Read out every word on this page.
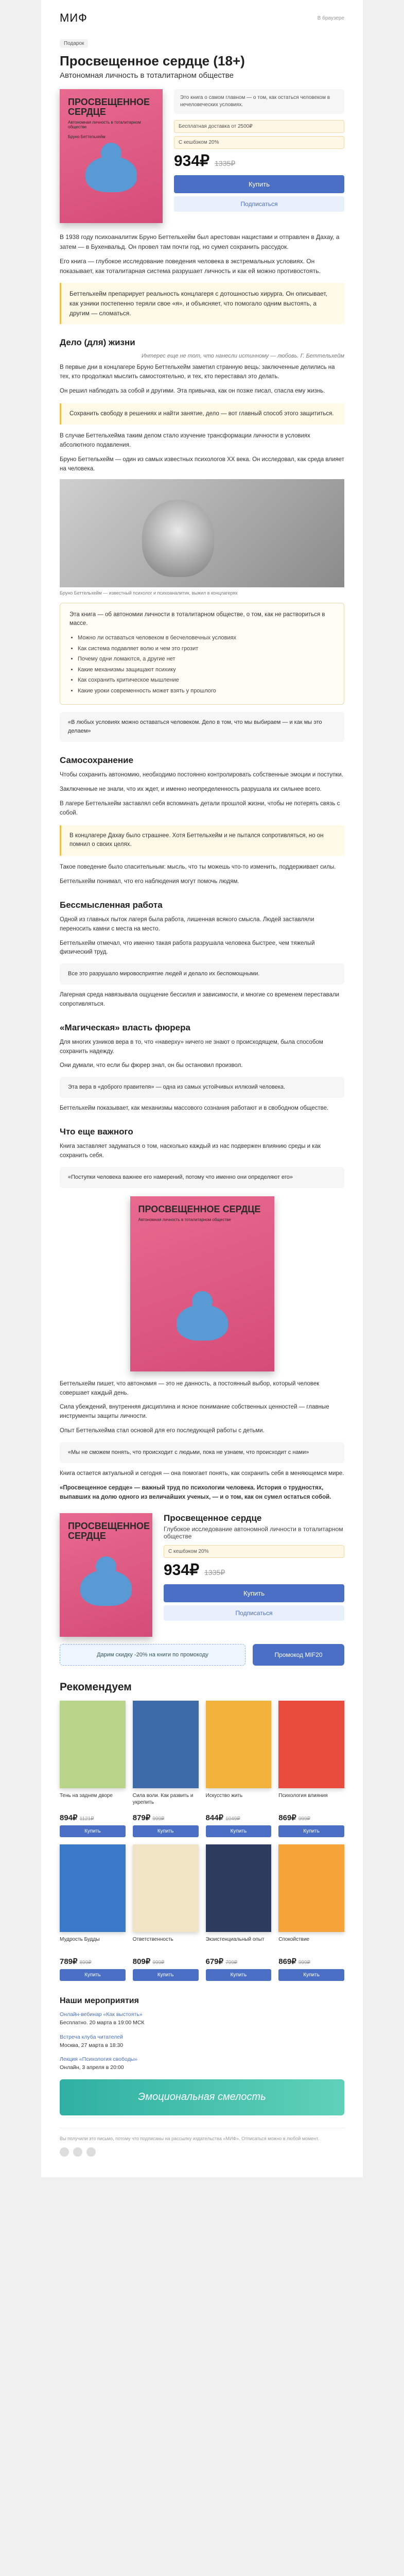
МИФ	В браузере
Подарок
Просвещенное сердце (18+)
Автономная личность в тоталитарном обществе
ПРОСВЕЩЕННОЕ СЕРДЦЕ
Автономная личность в тоталитарном обществе
Бруно Беттельхейм
Это книга о самом главном — о том, как остаться человеком в нечеловеческих условиях.
Бесплатная доставка от 2500₽
С кешбэком 20%
934₽ 1335₽
Купить
Подписаться

В 1938 году психоаналитик Бруно Беттельхейм был арестован нацистами и отправлен в Дахау, а затем — в Бухенвальд. Он провел там почти год, но сумел сохранить рассудок.

Его книга — глубокое исследование поведения человека в экстремальных условиях. Он показывает, как тоталитарная система разрушает личность и как ей можно противостоять.

Беттельхейм препарирует реальность концлагеря с дотошностью хирурга. Он описывает, как узники постепенно теряли свое «я», и объясняет, что помогало одним выстоять, а другим — сломаться.

Дело (для) жизни
Интерес еще не тот, что нанесли истинному — любовь. Г. Беттельхейм

В первые дни в концлагере Бруно Беттельхейм заметил странную вещь: заключенные делились на тех, кто продолжал мыслить самостоятельно, и тех, кто переставал это делать.

Он решил наблюдать за собой и другими. Эта привычка, как он позже писал, спасла ему жизнь.

Сохранить свободу в решениях и найти занятие, дело — вот главный способ этого защититься.

В случае Беттельхейма таким делом стало изучение трансформации личности в условиях абсолютного подавления.

Бруно Беттельхейм — один из самых известных психологов XX века. Он исследовал, как среда влияет на человека.

Бруно Беттельхейм — известный психолог и психоаналитик, выжил в концлагерях

Эта книга — об автономии личности в тоталитарном обществе, о том, как не раствориться в массе.

• Можно ли оставаться человеком в бесчеловечных условиях
• Как система подавляет волю и чем это грозит
• Почему одни ломаются, а другие нет
• Какие механизмы защищают психику
• Как сохранить критическое мышление
• Какие уроки современность может взять у прошлого

«В любых условиях можно оставаться человеком. Дело в том, что мы выбираем — и как мы это делаем»

Самосохранение

Чтобы сохранить автономию, необходимо постоянно контролировать собственные эмоции и поступки.

Заключенные не знали, что их ждет, и именно неопределенность разрушала их сильнее всего.

В лагере Беттельхейм заставлял себя вспоминать детали прошлой жизни, чтобы не потерять связь с собой.

В концлагере Дахау было страшнее. Хотя Беттельхейм и не пытался сопротивляться, но он помнил о своих целях.

Такое поведение было спасительным: мысль, что ты можешь что-то изменить, поддерживает силы.

Беттельхейм понимал, что его наблюдения могут помочь людям.

Бессмысленная работа

Одной из главных пыток лагеря была работа, лишенная всякого смысла. Людей заставляли переносить камни с места на место.

Беттельхейм отмечал, что именно такая работа разрушала человека быстрее, чем тяжелый физический труд.

Все это разрушало мировосприятие людей и делало их беспомощными.

Лагерная среда навязывала ощущение бессилия и зависимости, и многие со временем переставали сопротивляться.

«Магическая» власть фюрера

Для многих узников вера в то, что «наверху» ничего не знают о происходящем, была способом сохранить надежду.

Они думали, что если бы фюрер знал, он бы остановил произвол.

Эта вера в «доброго правителя» — одна из самых устойчивых иллюзий человека.

Беттельхейм показывает, как механизмы массового сознания работают и в свободном обществе.

Что еще важного

Книга заставляет задуматься о том, насколько каждый из нас подвержен влиянию среды и как сохранить себя.

«Поступки человека важнее его намерений, потому что именно они определяют его»

ПРОСВЕЩЕННОЕ СЕРДЦЕ
Автономная личность в тоталитарном обществе

Беттельхейм пишет, что автономия — это не данность, а постоянный выбор, который человек совершает каждый день.

Сила убеждений, внутренняя дисциплина и ясное понимание собственных ценностей — главные инструменты защиты личности.

Опыт Беттельхейма стал основой для его последующей работы с детьми.

«Мы не сможем понять, что происходит с людьми, пока не узнаем, что происходит с нами»

Книга остается актуальной и сегодня — она помогает понять, как сохранить себя в меняющемся мире.

«Просвещенное сердце» — важный труд по психологии человека. История о трудностях, выпавших на долю одного из величайших ученых, — и о том, как он сумел остаться собой.

ПРОСВЕЩЕННОЕ СЕРДЦЕ
Просвещенное сердце
Глубокое исследование автономной личности в тоталитарном обществе
С кешбэком 20%
934₽ 1335₽
Купить
Подписаться
Дарим скидку -20% на книги по промокоду	Промокод MIF20
Рекомендуем
Тень на заднем дворе
894₽ 1121₽
Купить
Сила воли. Как развить и укрепить
879₽ 999₽
Купить
Искусство жить
844₽ 1049₽
Купить
Психология влияния
869₽ 999₽
Купить
Мудрость Будды
789₽ 899₽
Купить
Ответственность
809₽ 999₽
Купить
Экзистенциальный опыт
679₽ 799₽
Купить
Спокойствие
869₽ 999₽
Купить
Наши мероприятия
Онлайн-вебинар «Как выстоять»
Бесплатно. 20 марта в 19:00 МСК
Встреча клуба читателей
Москва, 27 марта в 18:30
Лекция «Психология свободы»
Онлайн, 3 апреля в 20:00
Эмоциональная смелость
Вы получили это письмо, потому что подписаны на рассылку издательства «МИФ». Отписаться можно в любой момент.
